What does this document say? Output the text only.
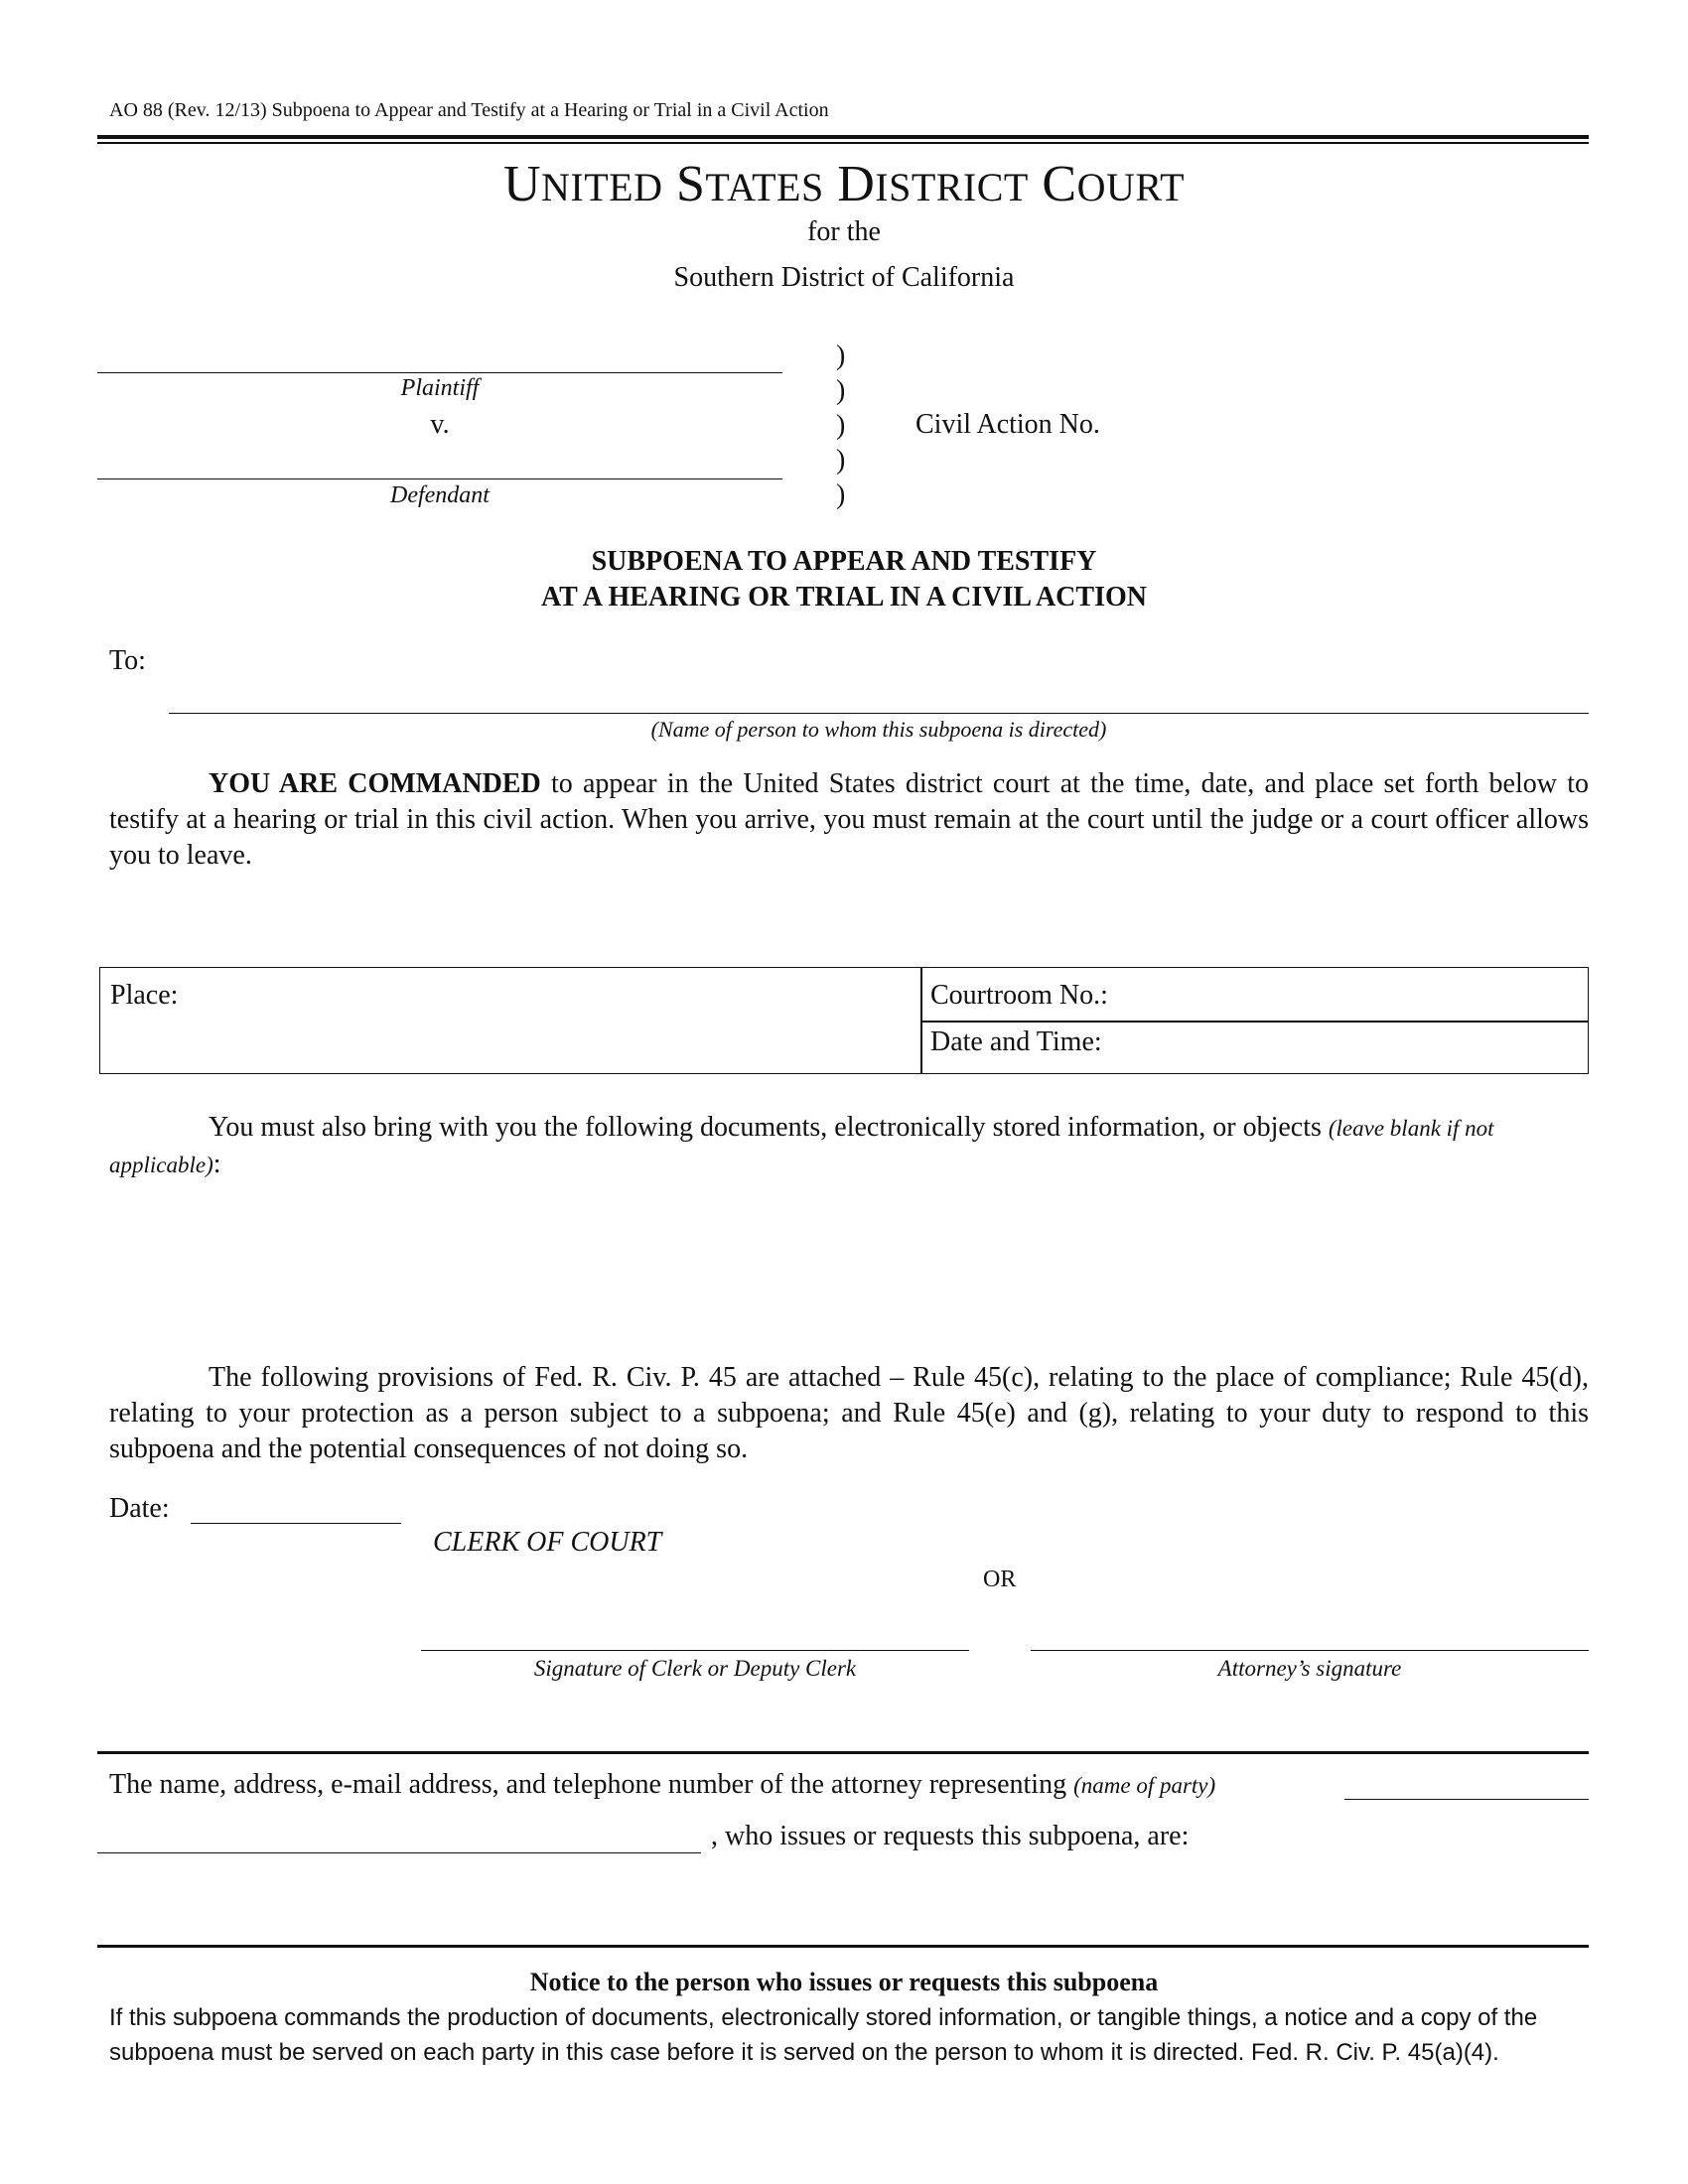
AO 88 (Rev. 12/13) Subpoena to Appear and Testify at a Hearing or Trial in a Civil Action
UNITED STATES DISTRICT COURT
for the
Southern District of California
Plaintiff
v.
Defendant
)
)
)
)
)
Civil Action No.
SUBPOENA TO APPEAR AND TESTIFY
AT A HEARING OR TRIAL IN A CIVIL ACTION
To:
(Name of person to whom this subpoena is directed)
YOU ARE COMMANDED to appear in the United States district court at the time, date, and place set forth below to testify at a hearing or trial in this civil action. When you arrive, you must remain at the court until the judge or a court officer allows you to leave.
Place:	Courtroom No.:
Date and Time:
You must also bring with you the following documents, electronically stored information, or objects (leave blank if not applicable):
The following provisions of Fed. R. Civ. P. 45 are attached – Rule 45(c), relating to the place of compliance; Rule 45(d), relating to your protection as a person subject to a subpoena; and Rule 45(e) and (g), relating to your duty to respond to this subpoena and the potential consequences of not doing so.
Date:
CLERK OF COURT
OR
Signature of Clerk or Deputy Clerk	Attorney’s signature
The name, address, e-mail address, and telephone number of the attorney representing (name of party)
, who issues or requests this subpoena, are:
Notice to the person who issues or requests this subpoena
If this subpoena commands the production of documents, electronically stored information, or tangible things, a notice and a copy of the subpoena must be served on each party in this case before it is served on the person to whom it is directed. Fed. R. Civ. P. 45(a)(4).
